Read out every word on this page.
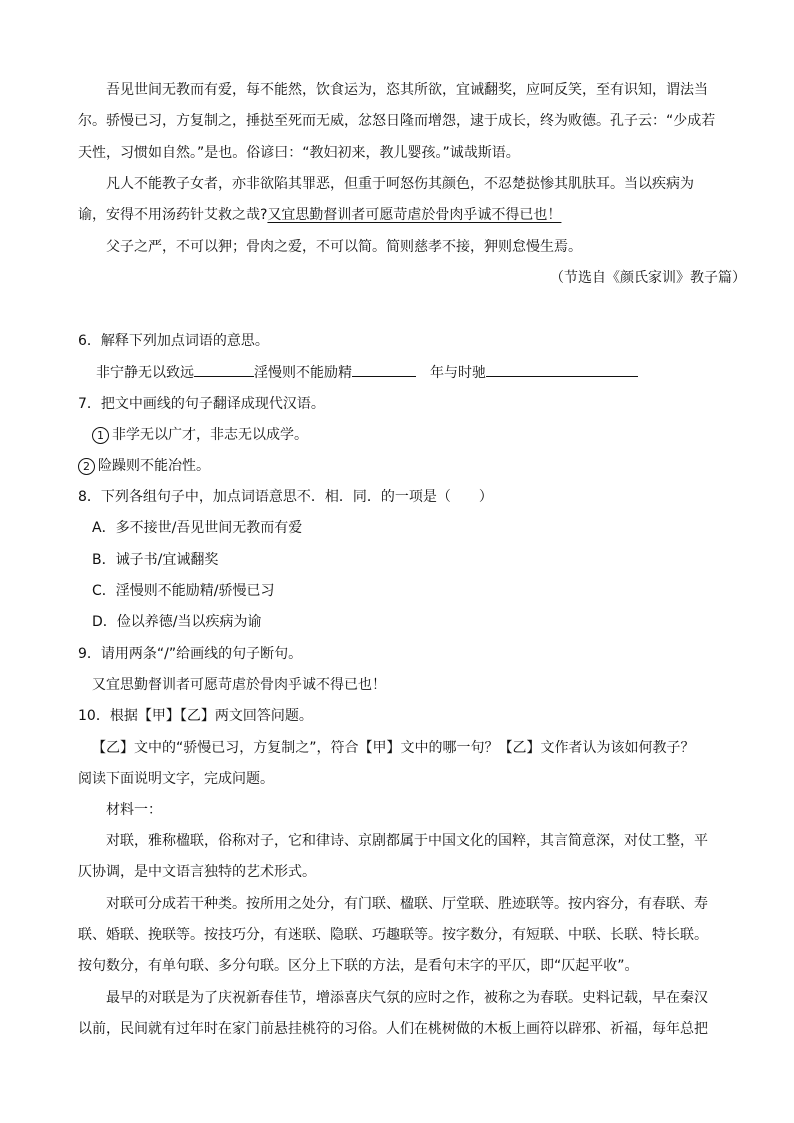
吾见世间无教而有爱，每不能然，饮食运为，恣其所欲，宜诫翻奖，应呵反笑，至有识知，谓法当

尔。骄慢已习，方复制之，捶挞至死而无威，忿怒日隆而增怨，逮于成长，终为败德。孔子云：“少成若

天性，习惯如自然。”是也。俗谚曰：“教妇初来，教儿婴孩。”诚哉斯语。

凡人不能教子女者，亦非欲陷其罪恶，但重于呵怒伤其颜色，不忍楚挞惨其肌肤耳。当以疾病为

谕，安得不用汤药针艾救之哉?又宜思勤督训者可愿苛虐於骨肉乎诚不得已也！

父子之严，不可以狎；骨肉之爱，不可以简。简则慈孝不接，狎则怠慢生焉。

（节选自《颜氏家训》教子篇）

6．解释下列加点词语的意思。

非宁静无以致远	淫慢则不能励精	年与时驰

7．把文中画线的句子翻译成现代汉语。

1 非学无以广才，非志无以成学。

2 险躁则不能冶性。

8．下列各组句子中，加点词语意思不．相．同．的一项是（　　）

A．多不接世/吾见世间无教而有爱

B．诫子书/宜诫翻奖

C．淫慢则不能励精/骄慢已习

D．俭以养德/当以疾病为谕

9．请用两条“/”给画线的句子断句。

又宜思勤督训者可愿苛虐於骨肉乎诚不得已也！

10．根据【甲】【乙】两文回答问题。

【乙】文中的“骄慢已习，方复制之”，符合【甲】文中的哪一句？【乙】文作者认为该如何教子？

阅读下面说明文字，完成问题。

材料一：

对联，雅称楹联，俗称对子，它和律诗、京剧都属于中国文化的国粹，其言简意深，对仗工整，平

仄协调，是中文语言独特的艺术形式。

对联可分成若干种类。按所用之处分，有门联、楹联、厅堂联、胜迹联等。按内容分，有春联、寿

联、婚联、挽联等。按技巧分，有迷联、隐联、巧趣联等。按字数分，有短联、中联、长联、特长联。

按句数分，有单句联、多分句联。区分上下联的方法，是看句末字的平仄，即“仄起平收”。

最早的对联是为了庆祝新春佳节，增添喜庆气氛的应时之作，被称之为春联。史料记载，早在秦汉

以前，民间就有过年时在家门前悬挂桃符的习俗。人们在桃树做的木板上画符以辟邪、祈福，每年总把
